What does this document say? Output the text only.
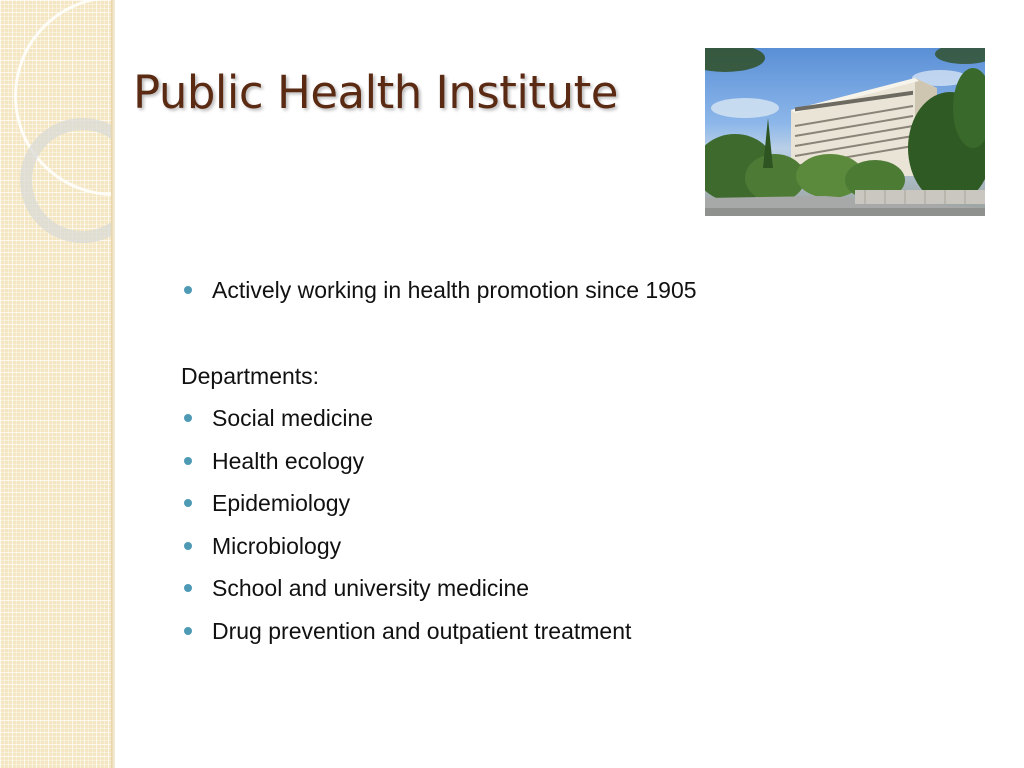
Public Health Institute
Actively working in health promotion since 1905
Departments:
Social medicine
Health ecology
Epidemiology
Microbiology
School and university medicine
Drug prevention and outpatient treatment
